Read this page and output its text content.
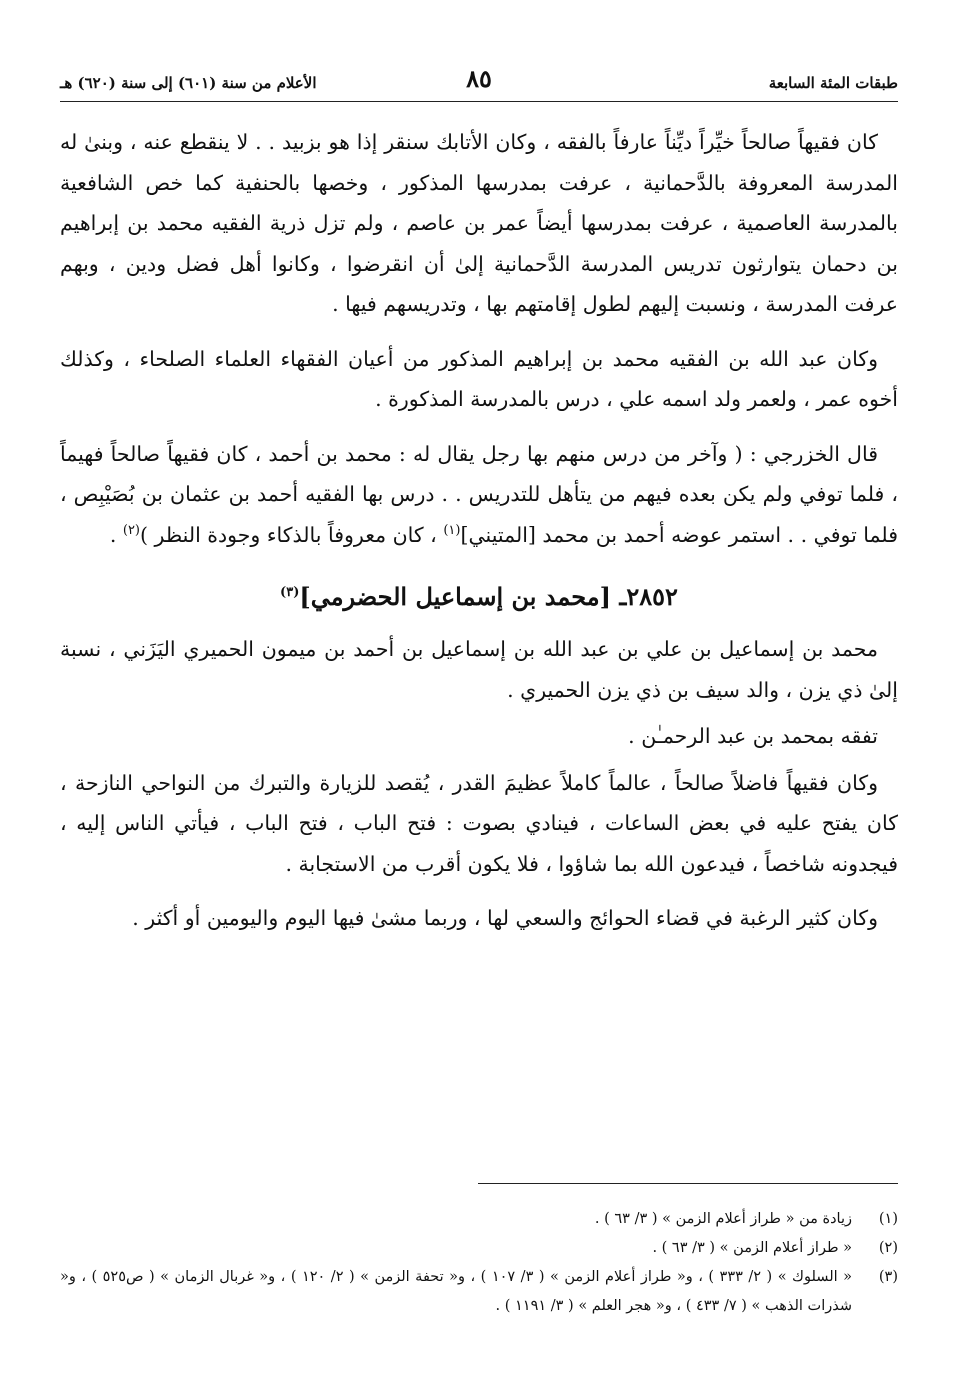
طبقات المئة السابعة
٨٥
الأعلام من سنة (٦٠١) إلى سنة (٦٢٠) هـ

كان فقيهاً صالحاً خيِّراً ديِّناً عارفاً بالفقه ، وكان الأتابك سنقر إذا هو بزبيد . . لا ينقطع عنه ، وبنىٰ له المدرسة المعروفة بالدَّحمانية ، عرفت بمدرسها المذكور ، وخصها بالحنفية كما خص الشافعية بالمدرسة العاصمية ، عرفت بمدرسها أيضاً عمر بن عاصم ، ولم تزل ذرية الفقيه محمد بن إبراهيم بن دحمان يتوارثون تدريس المدرسة الدَّحمانية إلىٰ أن انقرضوا ، وكانوا أهل فضل ودين ، وبهم عرفت المدرسة ، ونسبت إليهم لطول إقامتهم بها ، وتدريسهم فيها .

وكان عبد الله بن الفقيه محمد بن إبراهيم المذكور من أعيان الفقهاء العلماء الصلحاء ، وكذلك أخوه عمر ، ولعمر ولد اسمه علي ، درس بالمدرسة المذكورة .

قال الخزرجي : ( وآخر من درس منهم بها رجل يقال له : محمد بن أحمد ، كان فقيهاً صالحاً فهيماً ، فلما توفي ولم يكن بعده فيهم من يتأهل للتدريس . . درس بها الفقيه أحمد بن عثمان بن بُصَيْبِص ، فلما توفي . . استمر عوضه أحمد بن محمد [المتيني]$^{(١)}$ ، كان معروفاً بالذكاء وجودة النظر )$^{(٢)}$ .

٢٨٥٢ـ [محمد بن إسماعيل الحضرمي]$^{(٣)}$

محمد بن إسماعيل بن علي بن عبد الله بن إسماعيل بن أحمد بن ميمون الحميري اليَزَني ، نسبة إلىٰ ذي يزن ، والد سيف بن ذي يزن الحميري .

تفقه بمحمد بن عبد الرحمـٰن .

وكان فقيهاً فاضلاً صالحاً ، عالماً كاملاً عظيمَ القدر ، يُقصد للزيارة والتبرك من النواحي النازحة ، كان يفتح عليه في بعض الساعات ، فينادي بصوت : فتح الباب ، فتح الباب ، فيأتي الناس إليه ، فيجدونه شاخصاً ، فيدعون الله بما شاؤوا ، فلا يكون أقرب من الاستجابة .

وكان كثير الرغبة في قضاء الحوائج والسعي لها ، وربما مشىٰ فيها اليوم واليومين أو أكثر .

(١)
زيادة من « طراز أعلام الزمن » ( ٣/ ٦٣ ) .
(٢)
« طراز أعلام الزمن » ( ٣/ ٦٣ ) .
(٣)
« السلوك » ( ٢/ ٣٣٣ ) ، و« طراز أعلام الزمن » ( ٣/ ١٠٧ ) ، و« تحفة الزمن » ( ٢/ ١٢٠ ) ، و« غربال الزمان » ( ص٥٢٥ ) ، و« شذرات الذهب » ( ٧/ ٤٣٣ ) ، و« هجر العلم » ( ٣/ ١١٩١ ) .
